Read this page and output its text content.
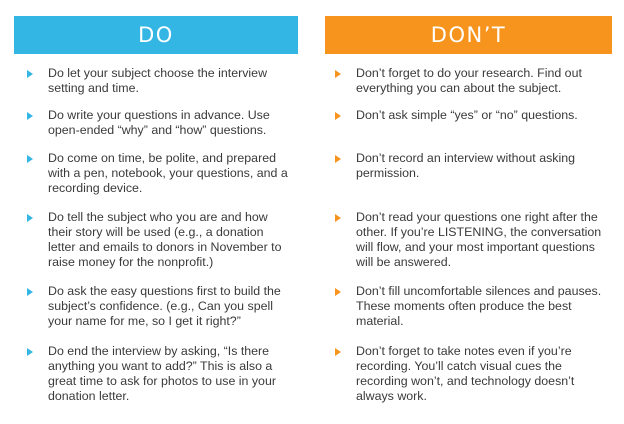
DO
Do let your subject choose the interview setting and time.
Do write your questions in advance. Use open-ended “why” and “how” questions.
Do come on time, be polite, and prepared with a pen, notebook, your questions, and a recording device.
Do tell the subject who you are and how their story will be used (e.g., a donation letter and emails to donors in November to raise money for the nonprofit.)
Do ask the easy questions first to build the subject’s confidence. (e.g., Can you spell your name for me, so I get it right?”
Do end the interview by asking, “Is there anything you want to add?” This is also a great time to ask for photos to use in your donation letter.
DON’T
Don’t forget to do your research. Find out everything you can about the subject.
Don’t ask simple “yes” or “no” questions.
Don’t record an interview without asking permission.
Don’t read your questions one right after the other. If you’re LISTENING, the conversation will flow, and your most important questions will be answered.
Don’t fill uncomfortable silences and pauses. These moments often produce the best material.
Don’t forget to take notes even if you’re recording. You’ll catch visual cues the recording won’t, and technology doesn’t always work.
